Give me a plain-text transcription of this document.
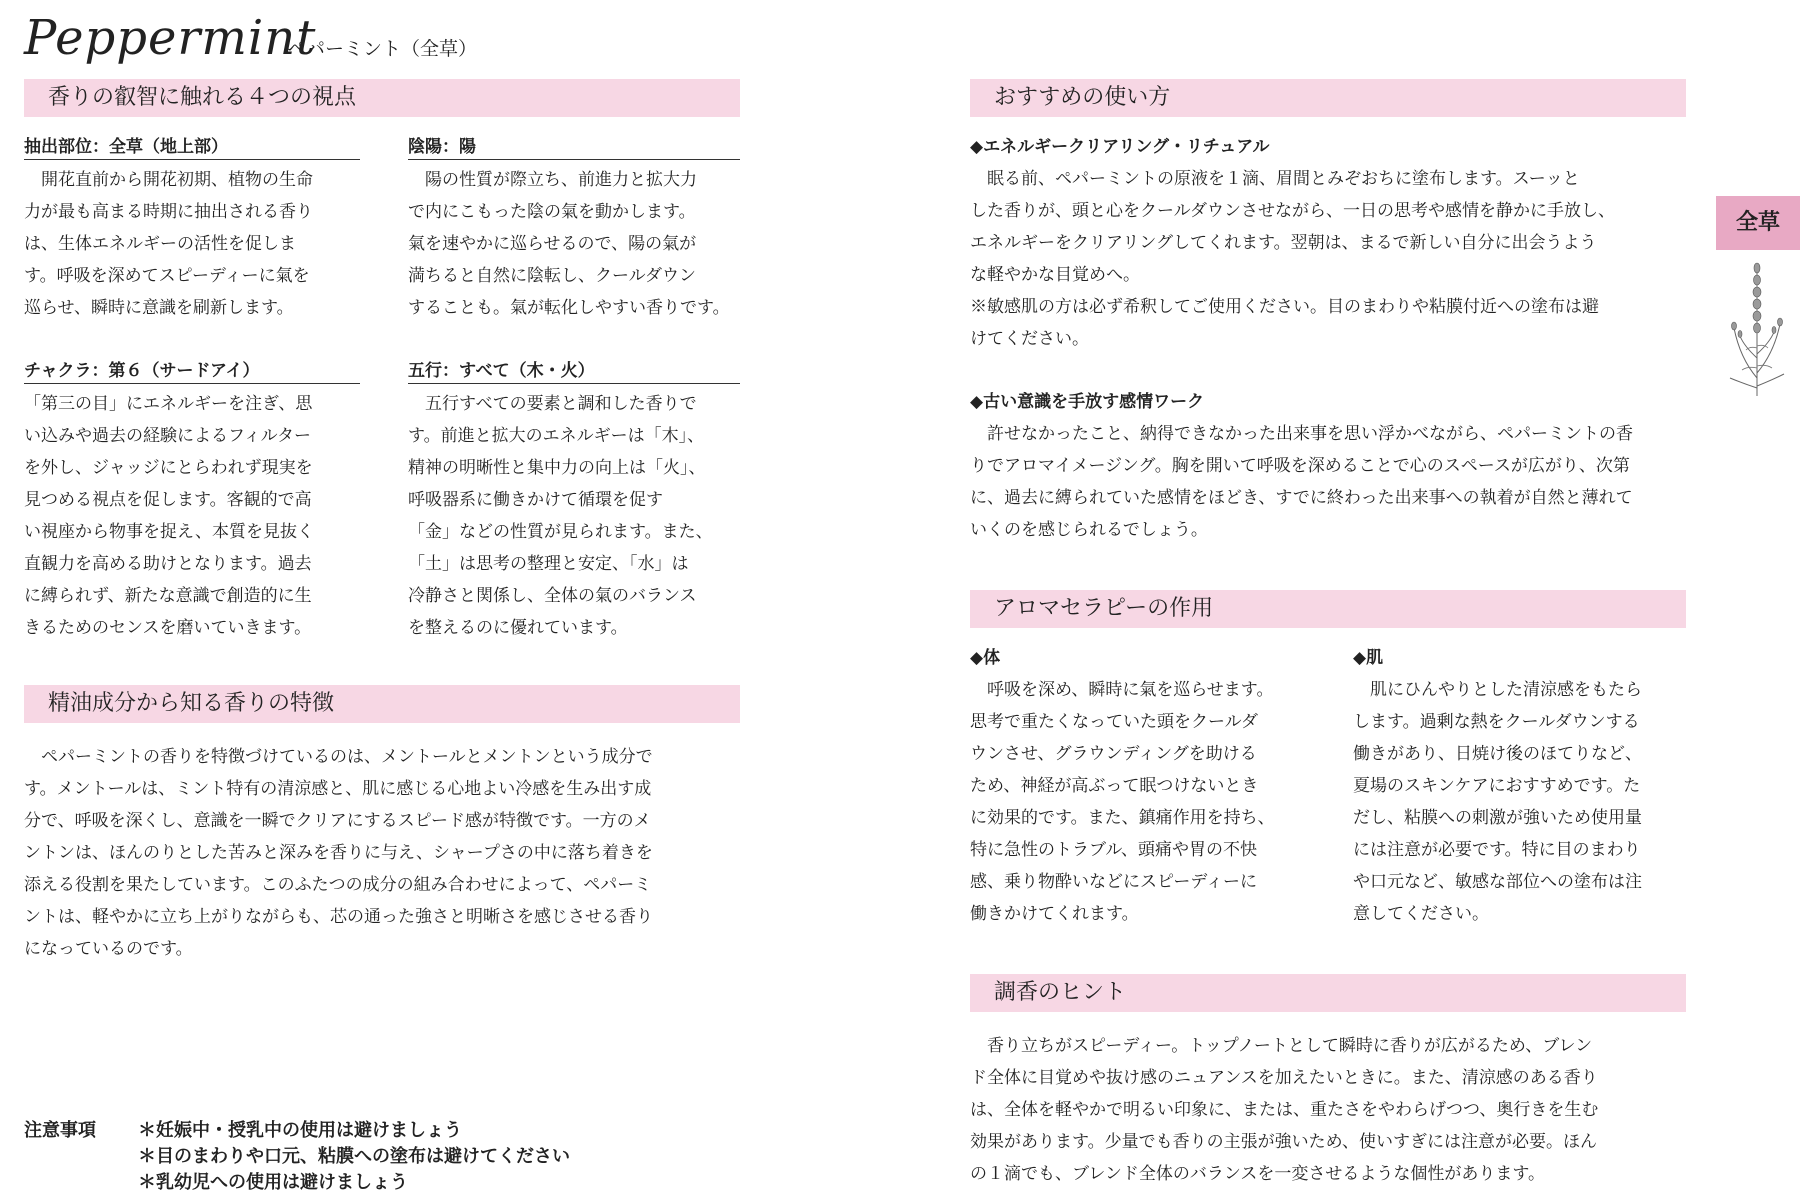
Peppermint
ペパーミント（全草）
香りの叡智に触れる４つの視点
抽出部位：全草（地上部）

　開花直前から開花初期、植物の生命

力が最も高まる時期に抽出される香り

は、生体エネルギーの活性を促しま

す。呼吸を深めてスピーディーに氣を

巡らせ、瞬時に意識を刷新します。

陰陽：陽

　陽の性質が際立ち、前進力と拡大力

で内にこもった陰の氣を動かします。

氣を速やかに巡らせるので、陽の氣が

満ちると自然に陰転し、クールダウン

することも。氣が転化しやすい香りです。

チャクラ：第６（サードアイ）

「第三の目」にエネルギーを注ぎ、思

い込みや過去の経験によるフィルター

を外し、ジャッジにとらわれず現実を

見つめる視点を促します。客観的で高

い視座から物事を捉え、本質を見抜く

直観力を高める助けとなります。過去

に縛られず、新たな意識で創造的に生

きるためのセンスを磨いていきます。

五行：すべて（木・火）

　五行すべての要素と調和した香りで

す。前進と拡大のエネルギーは「木」、

精神の明晰性と集中力の向上は「火」、

呼吸器系に働きかけて循環を促す

「金」などの性質が見られます。また、

「土」は思考の整理と安定、「水」は

冷静さと関係し、全体の氣のバランス

を整えるのに優れています。

精油成分から知る香りの特徴

　ペパーミントの香りを特徴づけているのは、メントールとメントンという成分で

す。メントールは、ミント特有の清涼感と、肌に感じる心地よい冷感を生み出す成

分で、呼吸を深くし、意識を一瞬でクリアにするスピード感が特徴です。一方のメ

ントンは、ほんのりとした苦みと深みを香りに与え、シャープさの中に落ち着きを

添える役割を果たしています。このふたつの成分の組み合わせによって、ペパーミ

ントは、軽やかに立ち上がりながらも、芯の通った強さと明晰さを感じさせる香り

になっているのです。

注意事項 ＊妊娠中・授乳中の使用は避けましょう
＊目のまわりや口元、粘膜への塗布は避けてください
＊乳幼児への使用は避けましょう
おすすめの使い方
◆エネルギークリアリング・リチュアル

　眠る前、ペパーミントの原液を１滴、眉間とみぞおちに塗布します。スーッと

した香りが、頭と心をクールダウンさせながら、一日の思考や感情を静かに手放し、

エネルギーをクリアリングしてくれます。翌朝は、まるで新しい自分に出会うよう

な軽やかな目覚めへ。

※敏感肌の方は必ず希釈してご使用ください。目のまわりや粘膜付近への塗布は避

けてください。

◆古い意識を手放す感情ワーク

　許せなかったこと、納得できなかった出来事を思い浮かべながら、ペパーミントの香

りでアロマイメージング。胸を開いて呼吸を深めることで心のスペースが広がり、次第

に、過去に縛られていた感情をほどき、すでに終わった出来事への執着が自然と薄れて

いくのを感じられるでしょう。

アロマセラピーの作用
◆体

　呼吸を深め、瞬時に氣を巡らせます。

思考で重たくなっていた頭をクールダ

ウンさせ、グラウンディングを助ける

ため、神経が高ぶって眠つけないとき

に効果的です。また、鎮痛作用を持ち、

特に急性のトラブル、頭痛や胃の不快

感、乗り物酔いなどにスピーディーに

働きかけてくれます。

◆肌

　肌にひんやりとした清涼感をもたら

します。過剰な熱をクールダウンする

働きがあり、日焼け後のほてりなど、

夏場のスキンケアにおすすめです。た

だし、粘膜への刺激が強いため使用量

には注意が必要です。特に目のまわり

や口元など、敏感な部位への塗布は注

意してください。

調香のヒント

　香り立ちがスピーディー。トップノートとして瞬時に香りが広がるため、ブレン

ド全体に目覚めや抜け感のニュアンスを加えたいときに。また、清涼感のある香り

は、全体を軽やかで明るい印象に、または、重たさをやわらげつつ、奥行きを生む

効果があります。少量でも香りの主張が強いため、使いすぎには注意が必要。ほん

の１滴でも、ブレンド全体のバランスを一変させるような個性があります。

全草
